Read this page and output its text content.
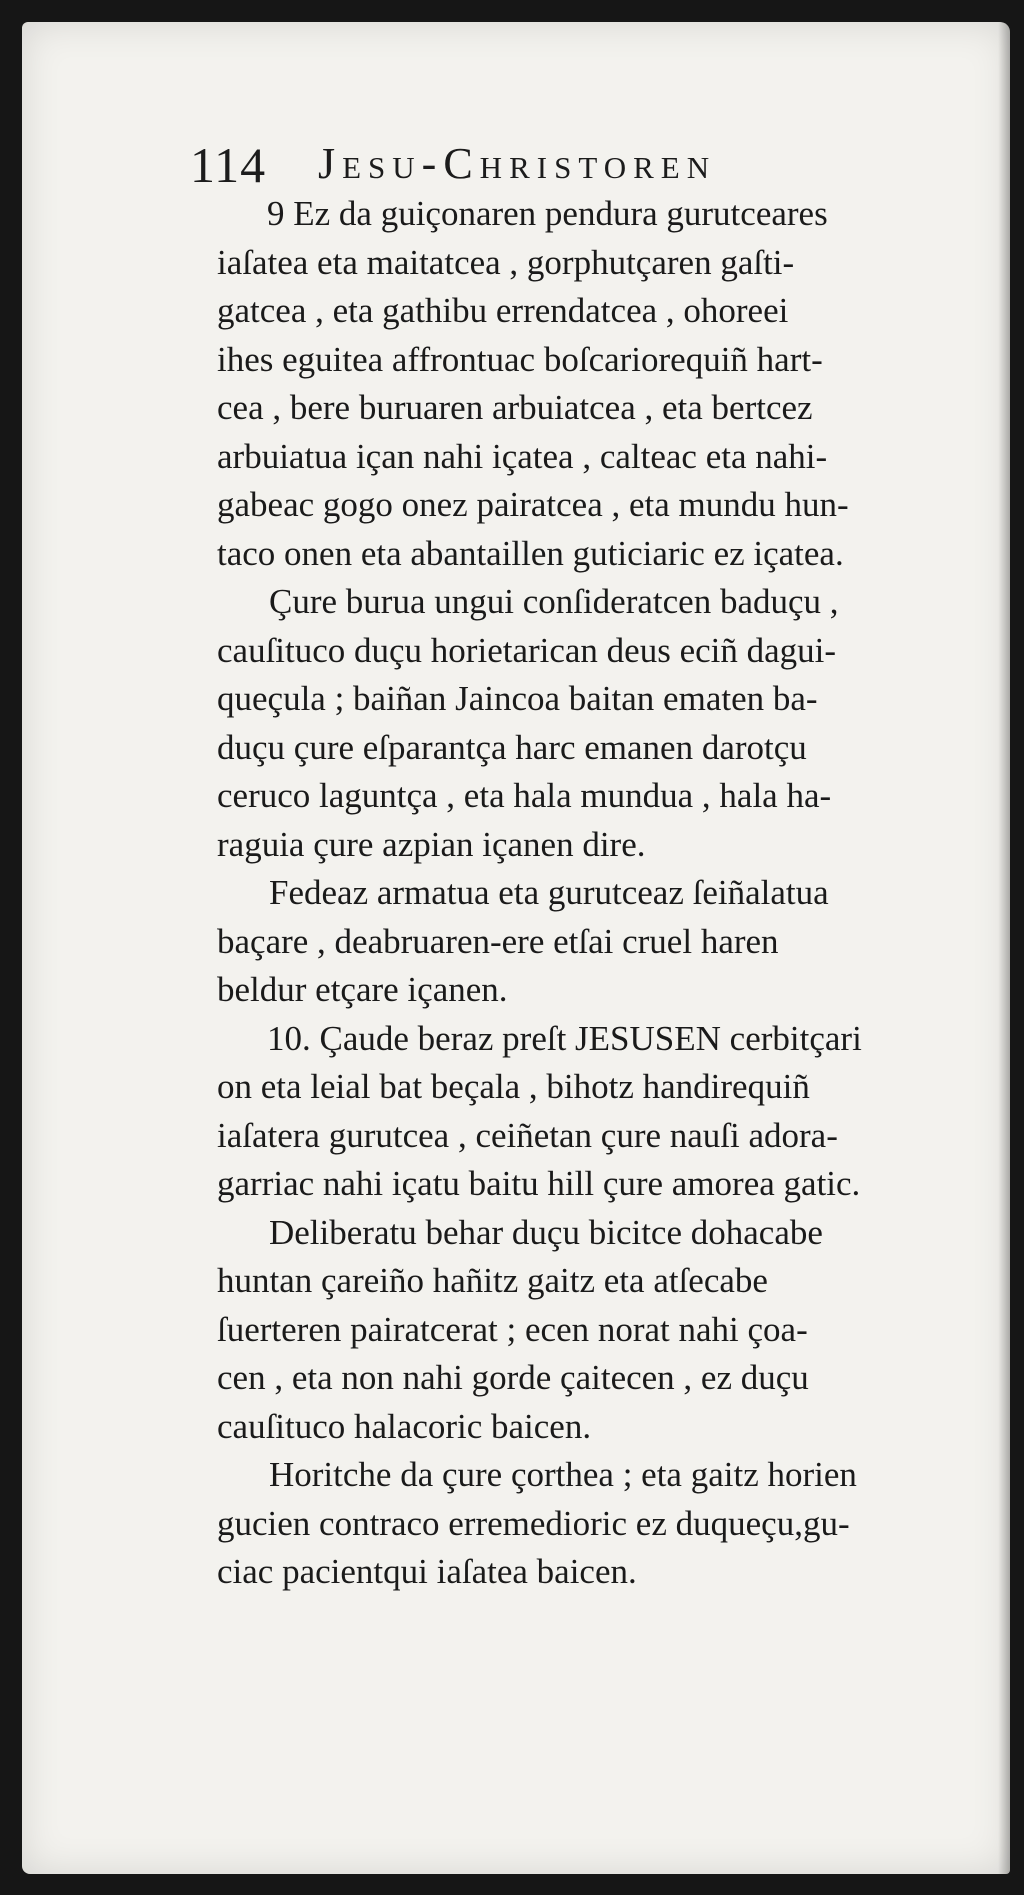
114 Jesu-Christoren

9 Ez da guiçonaren pendura gurutceares
iaſatea eta maitatcea , gorphutçaren gaſti-
gatcea , eta gathibu errendatcea , ohoreei
ihes eguitea affrontuac boſcariorequiñ hart-
cea , bere buruaren arbuiatcea , eta bertcez
arbuiatua içan nahi içatea , calteac eta nahi-
gabeac gogo onez pairatcea , eta mundu hun-
taco onen eta abantaillen guticiaric ez içatea.

Çure burua ungui conſideratcen baduçu ,
cauſituco duçu horietarican deus eciñ dagui-
queçula ; baiñan Jaincoa baitan ematen ba-
duçu çure eſparantça harc emanen darotçu
ceruco laguntça , eta hala mundua , hala ha-
raguia çure azpian içanen dire.

Fedeaz armatua eta gurutceaz ſeiñalatua
baçare , deabruaren-ere etſai cruel haren
beldur etçare içanen.

10. Çaude beraz preſt JESUSEN cerbitçari
on eta leial bat beçala , bihotz handirequiñ
iaſatera gurutcea , ceiñetan çure nauſi adora-
garriac nahi içatu baitu hill çure amorea gatic.

Deliberatu behar duçu bicitce dohacabe
huntan çareiño hañitz gaitz eta atſecabe
ſuerteren pairatcerat ; ecen norat nahi çoa-
cen , eta non nahi gorde çaitecen , ez duçu
cauſituco halacoric baicen.

Horitche da çure çorthea ; eta gaitz horien
gucien contraco erremedioric ez duqueçu,gu-
ciac pacientqui iaſatea baicen.
